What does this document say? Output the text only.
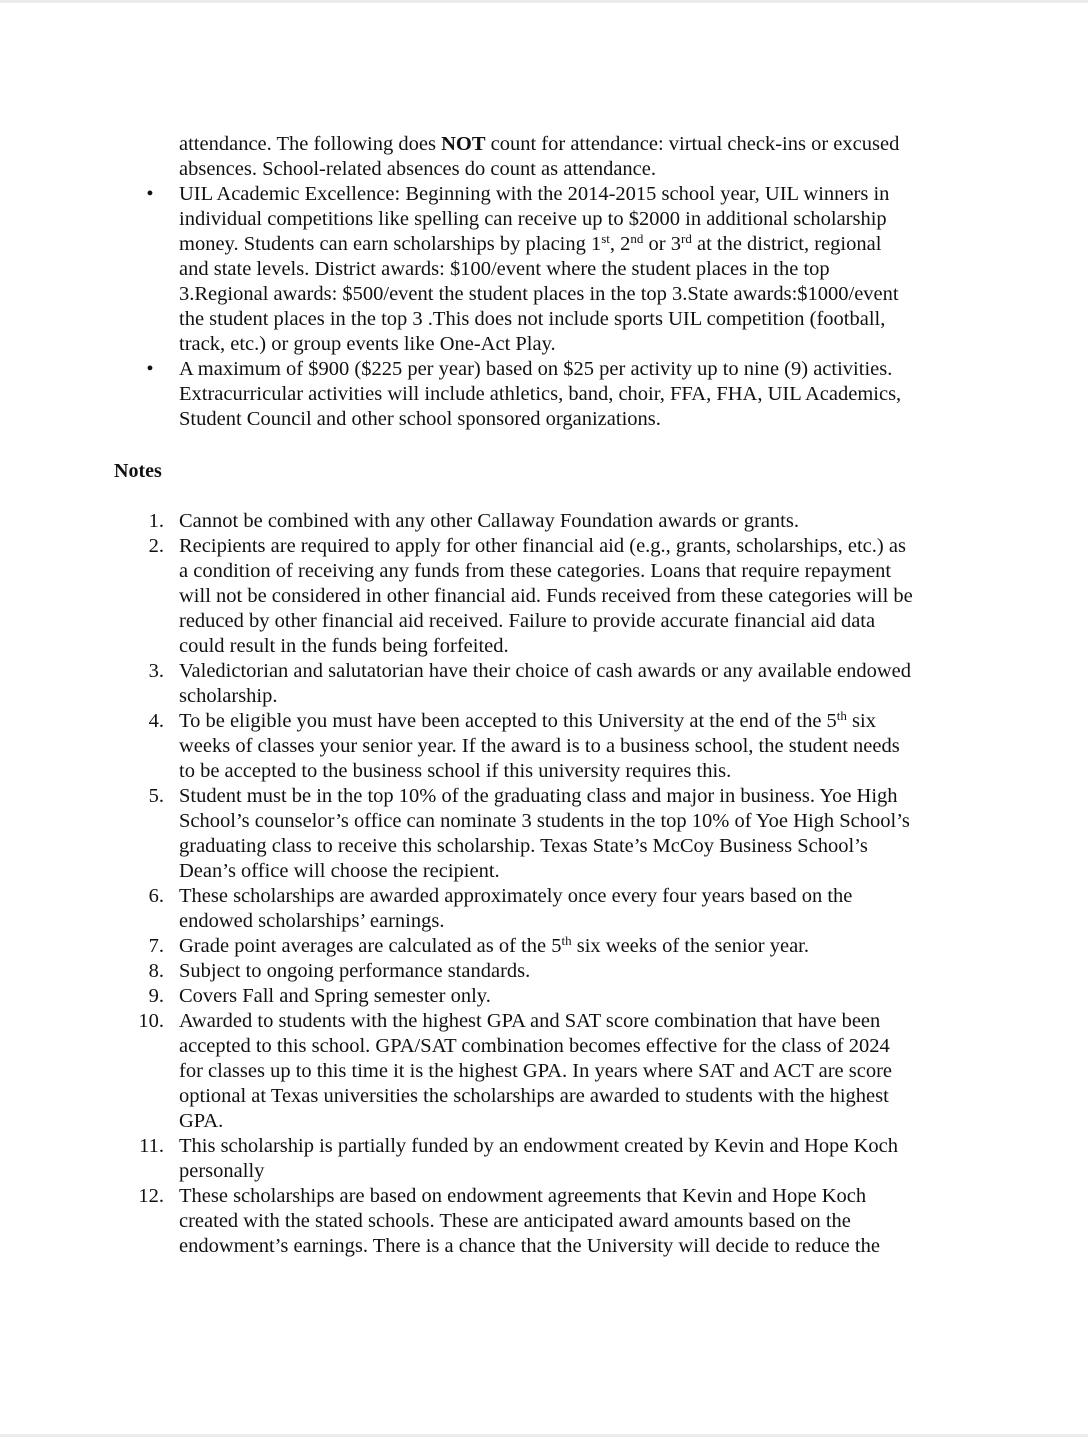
attendance. The following does NOT count for attendance: virtual check-ins or excused
absences. School-related absences do count as attendance.
•	UIL Academic Excellence: Beginning with the 2014-2015 school year, UIL winners in
individual competitions like spelling can receive up to $2000 in additional scholarship
money. Students can earn scholarships by placing 1st, 2nd or 3rd at the district, regional
and state levels. District awards: $100/event where the student places in the top
3.Regional awards: $500/event the student places in the top 3.State awards:$1000/event
the student places in the top 3 .This does not include sports UIL competition (football,
track, etc.) or group events like One-Act Play.
•	A maximum of $900 ($225 per year) based on $25 per activity up to nine (9) activities.
Extracurricular activities will include athletics, band, choir, FFA, FHA, UIL Academics,
Student Council and other school sponsored organizations.
Notes
1. Cannot be combined with any other Callaway Foundation awards or grants.
2. Recipients are required to apply for other financial aid (e.g., grants, scholarships, etc.) as
a condition of receiving any funds from these categories. Loans that require repayment
will not be considered in other financial aid. Funds received from these categories will be
reduced by other financial aid received. Failure to provide accurate financial aid data
could result in the funds being forfeited.
3. Valedictorian and salutatorian have their choice of cash awards or any available endowed
scholarship.
4. To be eligible you must have been accepted to this University at the end of the 5th six
weeks of classes your senior year. If the award is to a business school, the student needs
to be accepted to the business school if this university requires this.
5. Student must be in the top 10% of the graduating class and major in business. Yoe High
School’s counselor’s office can nominate 3 students in the top 10% of Yoe High School’s
graduating class to receive this scholarship. Texas State’s McCoy Business School’s
Dean’s office will choose the recipient.
6. These scholarships are awarded approximately once every four years based on the
endowed scholarships’ earnings.
7. Grade point averages are calculated as of the 5th six weeks of the senior year.
8. Subject to ongoing performance standards.
9. Covers Fall and Spring semester only.
10. Awarded to students with the highest GPA and SAT score combination that have been
accepted to this school. GPA/SAT combination becomes effective for the class of 2024
for classes up to this time it is the highest GPA. In years where SAT and ACT are score
optional at Texas universities the scholarships are awarded to students with the highest
GPA.
11. This scholarship is partially funded by an endowment created by Kevin and Hope Koch
personally
12. These scholarships are based on endowment agreements that Kevin and Hope Koch
created with the stated schools. These are anticipated award amounts based on the
endowment’s earnings. There is a chance that the University will decide to reduce the
